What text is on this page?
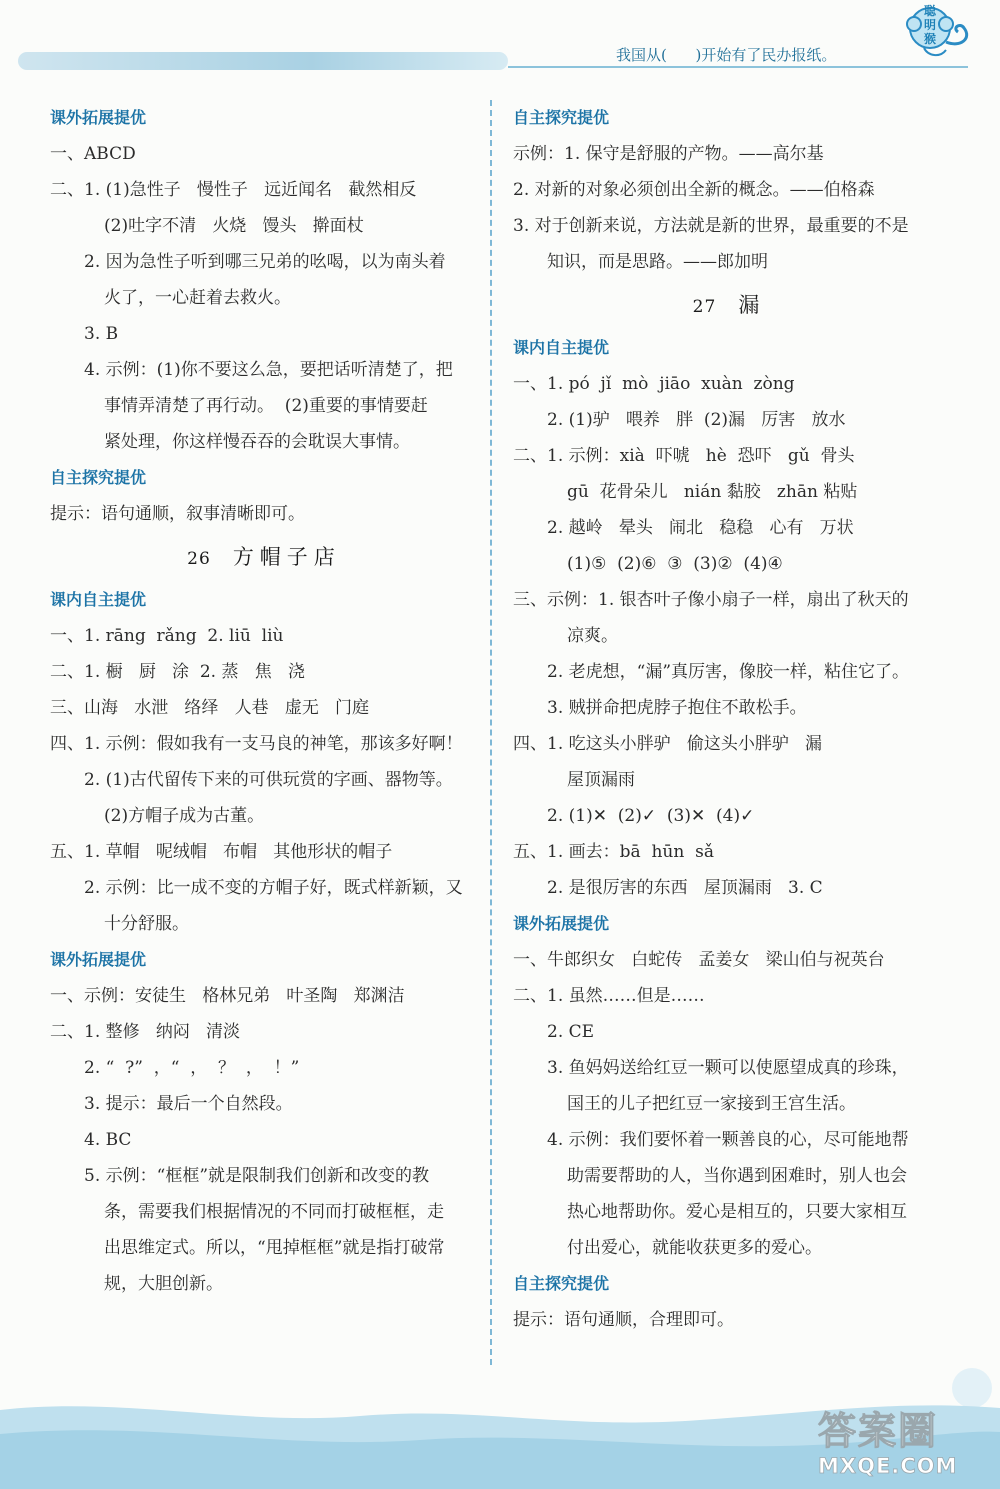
我国从(      )开始有了民办报纸。
聪明猴
课外拓展提优
一、ABCD
二、1. (1)急性子   慢性子   远近闻名   截然相反
(2)吐字不清   火烧   馒头   擀面杖
2. 因为急性子听到哪三兄弟的吆喝，以为南头着
火了，一心赶着去救火。
3. B
4. 示例：(1)你不要这么急，要把话听清楚了，把
事情弄清楚了再行动。  (2)重要的事情要赶
紧处理，你这样慢吞吞的会耽误大事情。
自主探究提优
提示：语句通顺，叙事清晰即可。
26 方帽子店
课内自主提优
一、1. rāng  rǎng  2. liū  liù
二、1. 橱   厨   涂  2. 蒸   焦   浇
三、山海   水泄   络绎   人巷   虚无   门庭
四、1. 示例：假如我有一支马良的神笔，那该多好啊！
2. (1)古代留传下来的可供玩赏的字画、器物等。
(2)方帽子成为古董。
五、1. 草帽   呢绒帽   布帽   其他形状的帽子
2. 示例：比一成不变的方帽子好，既式样新颖，又
十分舒服。
课外拓展提优
一、示例：安徒生   格林兄弟   叶圣陶   郑渊洁
二、1. 整修   纳闷   清淡
2. “  ?”  ，“  ，  ？  ，  ！”
3. 提示：最后一个自然段。
4. BC
5. 示例：“框框”就是限制我们创新和改变的教
条，需要我们根据情况的不同而打破框框，走
出思维定式。所以，“甩掉框框”就是指打破常
规，大胆创新。
自主探究提优
示例：1. 保守是舒服的产物。——高尔基
2. 对新的对象必须创出全新的概念。——伯格森
3. 对于创新来说，方法就是新的世界，最重要的不是
知识，而是思路。——郎加明
27 漏
课内自主提优
一、1. pó  jǐ  mò  jiāo  xuàn  zòng
2. (1)驴   喂养   胖  (2)漏   厉害   放水
二、1. 示例：xià  吓唬   hè  恐吓   gǔ  骨头
gū  花骨朵儿   nián 黏胶   zhān 粘贴
2. 越岭   晕头   闹北   稳稳   心有   万状
(1)⑤  (2)⑥  ③  (3)②  (4)④
三、示例：1. 银杏叶子像小扇子一样，扇出了秋天的
凉爽。
2. 老虎想，“漏”真厉害，像胶一样，粘住它了。
3. 贼拼命把虎脖子抱住不敢松手。
四、1. 吃这头小胖驴   偷这头小胖驴   漏
屋顶漏雨
2. (1)✕  (2)✓  (3)✕  (4)✓
五、1. 画去：bā  hūn  sǎ
2. 是很厉害的东西   屋顶漏雨   3. C
课外拓展提优
一、牛郎织女   白蛇传   孟姜女   梁山伯与祝英台
二、1. 虽然……但是……
2. CE
3. 鱼妈妈送给红豆一颗可以使愿望成真的珍珠，
国王的儿子把红豆一家接到王宫生活。
4. 示例：我们要怀着一颗善良的心，尽可能地帮
助需要帮助的人，当你遇到困难时，别人也会
热心地帮助你。爱心是相互的，只要大家相互
付出爱心，就能收获更多的爱心。
自主探究提优
提示：语句通顺，合理即可。
答案圈
MXQE.COM
